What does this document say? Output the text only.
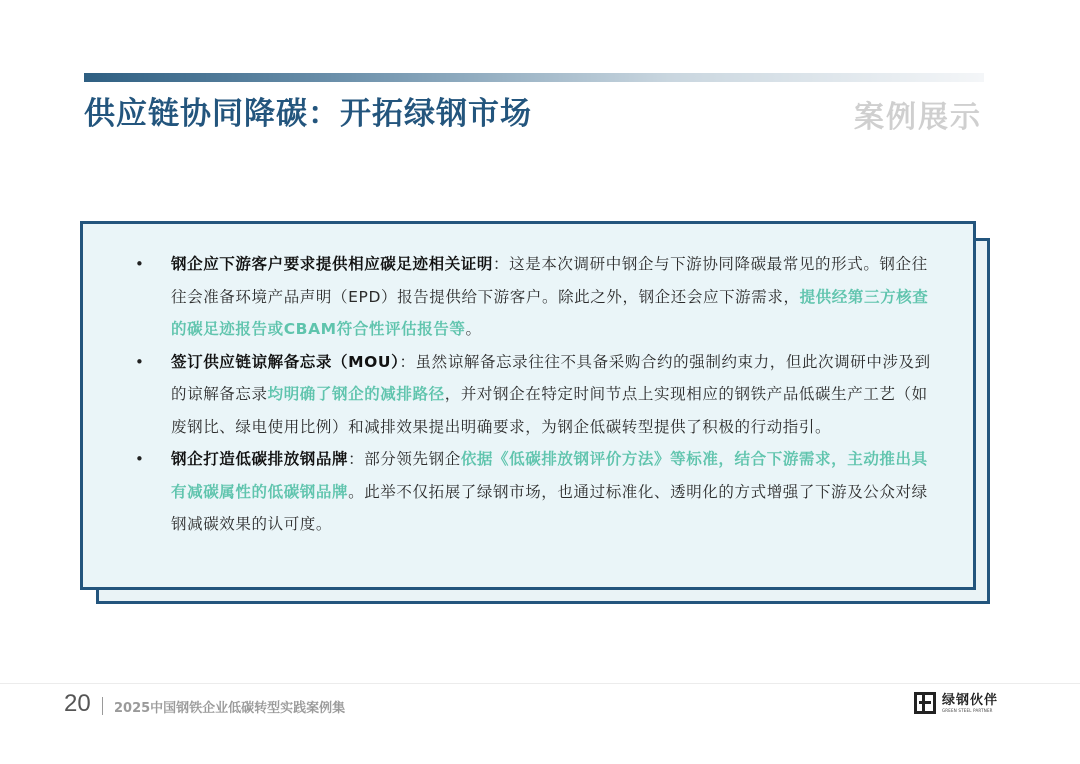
供应链协同降碳：开拓绿钢市场	案例展示
• 钢企应下游客户要求提供相应碳足迹相关证明：这是本次调研中钢企与下游协同降碳最常见的形式。钢企往往会准备环境产品声明（EPD）报告提供给下游客户。除此之外，钢企还会应下游需求，提供经第三方核查的碳足迹报告或CBAM符合性评估报告等。
• 签订供应链谅解备忘录（MOU）：虽然谅解备忘录往往不具备采购合约的强制约束力，但此次调研中涉及到的谅解备忘录均明确了钢企的减排路径，并对钢企在特定时间节点上实现相应的钢铁产品低碳生产工艺（如废钢比、绿电使用比例）和减排效果提出明确要求，为钢企低碳转型提供了积极的行动指引。
• 钢企打造低碳排放钢品牌：部分领先钢企依据《低碳排放钢评价方法》等标准，结合下游需求，主动推出具有减碳属性的低碳钢品牌。此举不仅拓展了绿钢市场，也通过标准化、透明化的方式增强了下游及公众对绿钢减碳效果的认可度。
20 2025中国钢铁企业低碳转型实践案例集
绿钢伙伴
GREEN STEEL PARTNER
